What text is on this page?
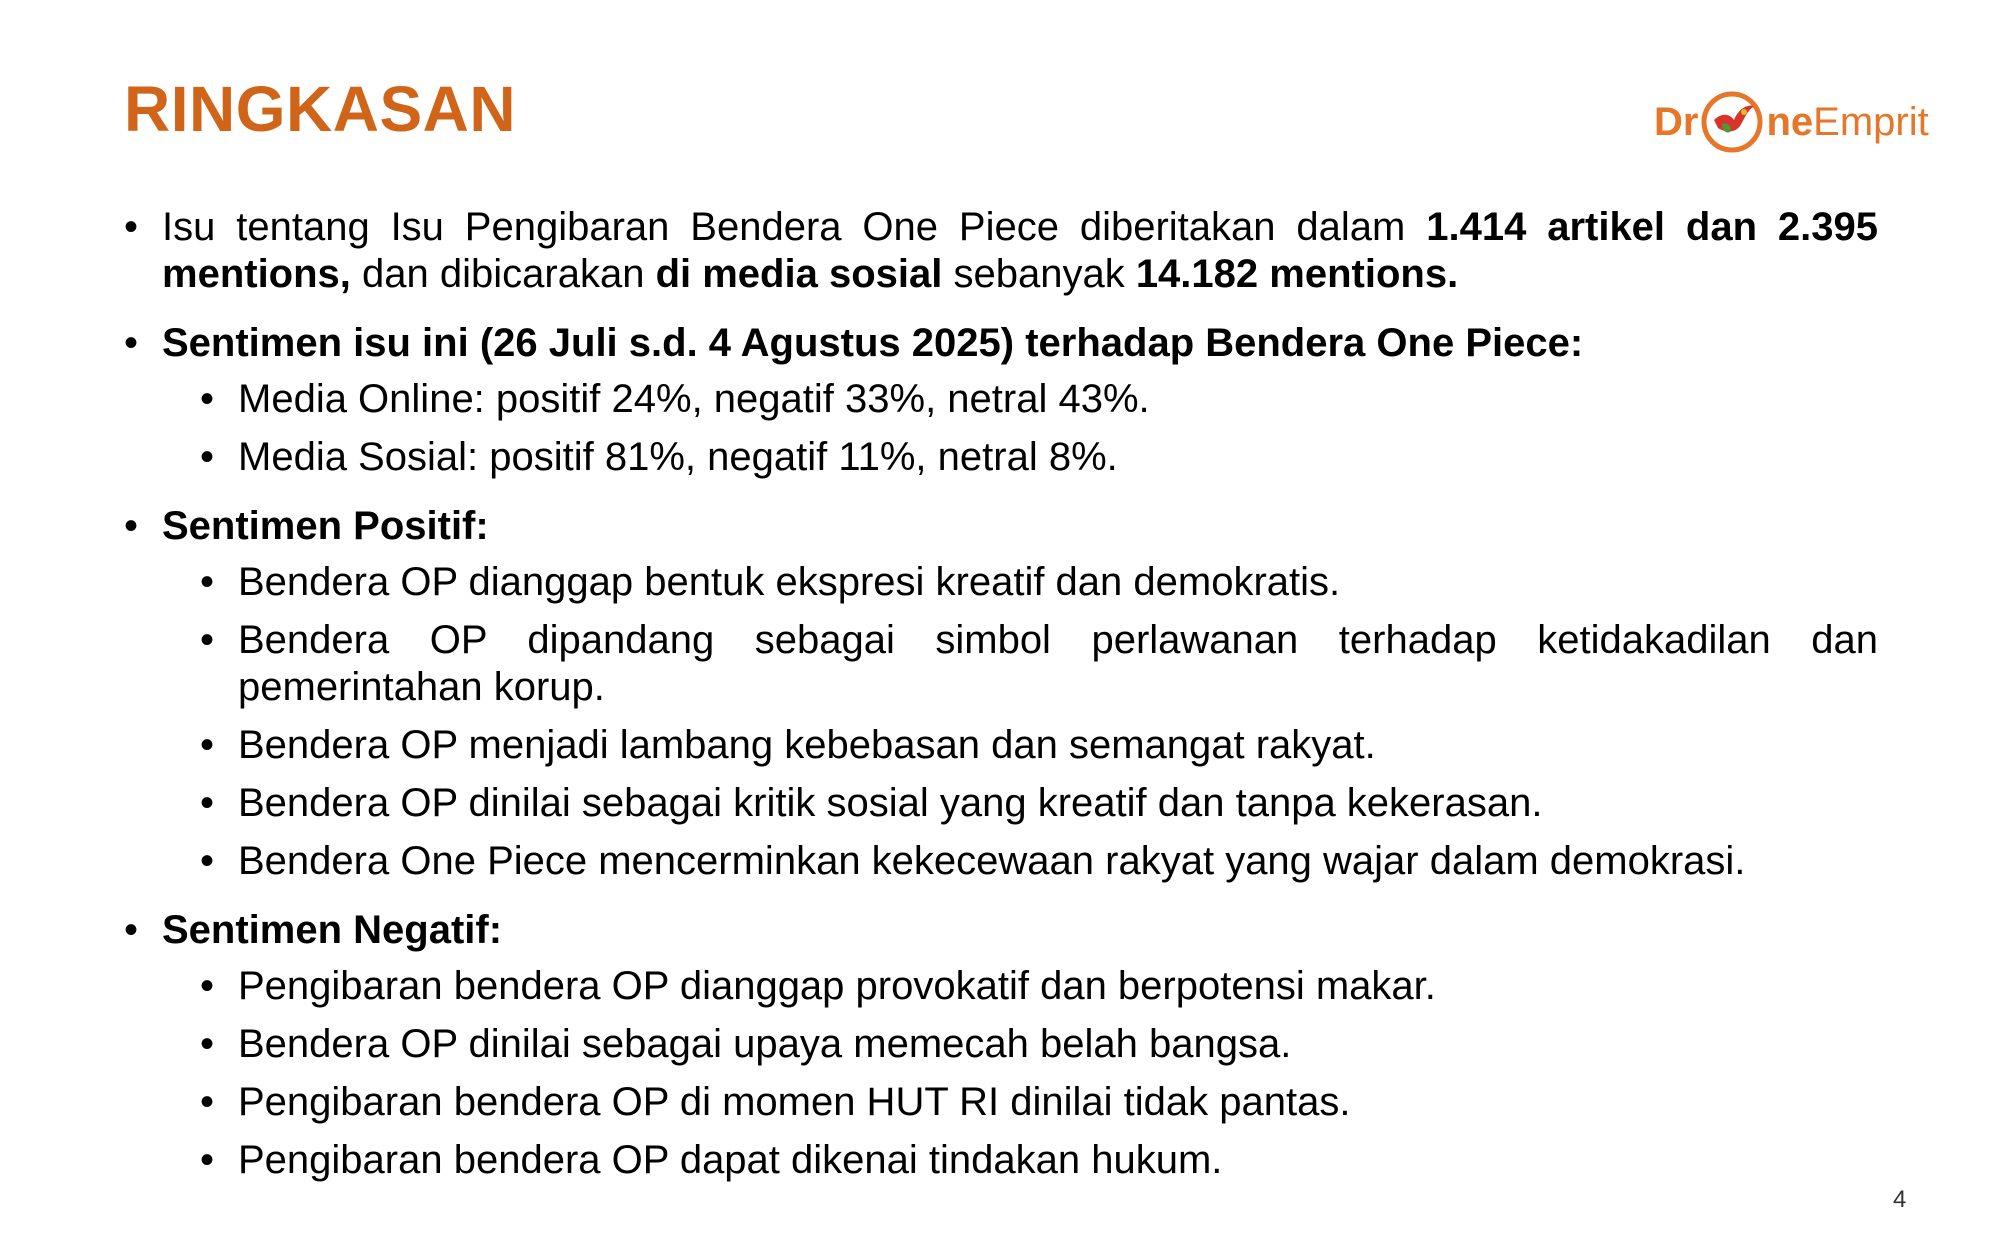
RINGKASAN	Dr ne Emprit
• Isu tentang Isu Pengibaran Bendera One Piece diberitakan dalam 1.414 artikel dan 2.395 mentions, dan dibicarakan di media sosial sebanyak 14.182 mentions.
• Sentimen isu ini (26 Juli s.d. 4 Agustus 2025) terhadap Bendera One Piece:
• Media Online: positif 24%, negatif 33%, netral 43%.
• Media Sosial: positif 81%, negatif 11%, netral 8%.
• Sentimen Positif:
• Bendera OP dianggap bentuk ekspresi kreatif dan demokratis.
• Bendera OP dipandang sebagai simbol perlawanan terhadap ketidakadilan dan pemerintahan korup.
• Bendera OP menjadi lambang kebebasan dan semangat rakyat.
• Bendera OP dinilai sebagai kritik sosial yang kreatif dan tanpa kekerasan.
• Bendera One Piece mencerminkan kekecewaan rakyat yang wajar dalam demokrasi.
• Sentimen Negatif:
• Pengibaran bendera OP dianggap provokatif dan berpotensi makar.
• Bendera OP dinilai sebagai upaya memecah belah bangsa.
• Pengibaran bendera OP di momen HUT RI dinilai tidak pantas.
• Pengibaran bendera OP dapat dikenai tindakan hukum.
4
